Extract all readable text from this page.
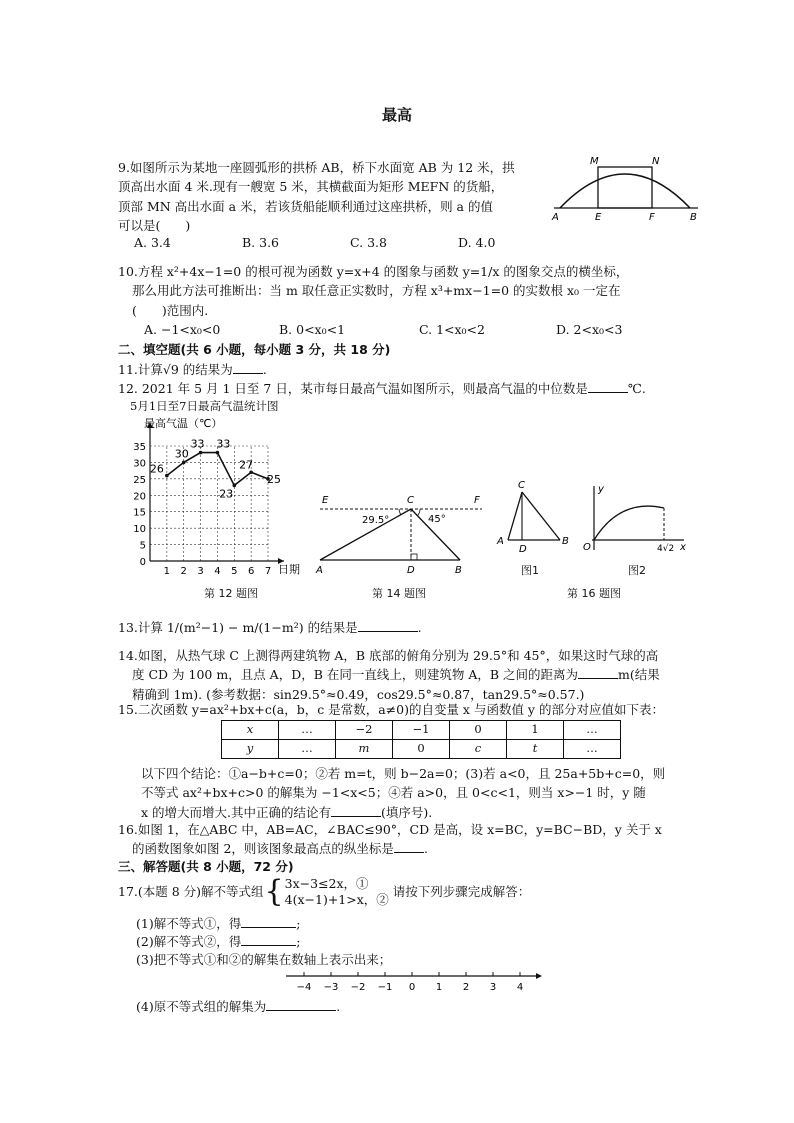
最高
9.如图所示为某地一座圆弧形的拱桥 AB，桥下水面宽 AB 为 12 米，拱
顶高出水面 4 米.现有一艘宽 5 米，其横截面为矩形 MEFN 的货船，
顶部 MN 高出水面 a 米，若该货船能顺利通过这座拱桥，则 a 的值
可以是(　　)
A. 3.4	B. 3.6	C. 3.8	D. 4.0
M	N
A	E	F	B
10.方程 x²+4x−1=0 的根可视为函数 y=x+4 的图象与函数 y=1/x 的图象交点的横坐标，
那么用此方法可推断出：当 m 取任意正实数时，方程 x³+mx−1=0 的实数根 x₀ 一定在
(　　)范围内.
A. −1<x₀<0	B. 0<x₀<1	C. 1<x₀<2	D. 2<x₀<3
二、填空题(共 6 小题，每小题 3 分，共 18 分)
11.计算√9 的结果为 .
12. 2021 年 5 月 1 日至 7 日，某市每日最高气温如图所示，则最高气温的中位数是	℃.
5月1日至7日最高气温统计图
0
5
10
15
20
25
30
35
1 2 3 4 5 6 7
26
30
33 33
23
27
25
最高气温（℃）
日期
E	C	F
29.5°	45°
A	D	B
C
A
D
B
y
O	x
4√2
第 12 题图	第 14 题图
图1	图2
第 16 题图
13.计算 1/(m²−1) − m/(1−m²) 的结果是	.
14.如图，从热气球 C 上测得两建筑物 A，B 底部的俯角分别为 29.5°和 45°，如果这时气球的高
度 CD 为 100 m，且点 A，D，B 在同一直线上，则建筑物 A，B 之间的距离为	m(结果
精确到 1m). (参考数据：sin29.5°≈0.49，cos29.5°≈0.87，tan29.5°≈0.57.)
15.二次函数 y=ax²+bx+c(a，b，c 是常数，a≠0)的自变量 x 与函数值 y 的部分对应值如下表：
x	…	−2	−1	0	1	…
y	…	m	0	c	t	…
以下四个结论：①a−b+c=0；②若 m=t，则 b−2a=0；(3)若 a<0，且 25a+5b+c=0，则
不等式 ax²+bx+c>0 的解集为 −1<x<5；④若 a>0，且 0<c<1，则当 x>−1 时，y 随
x 的增大而增大.其中正确的结论有	(填序号).
16.如图 1，在△ABC 中，AB=AC，∠BAC≤90°，CD 是高，设 x=BC，y=BC−BD，y 关于 x
的函数图象如图 2，则该图象最高点的纵坐标是 .
三、解答题(共 8 小题，72 分)
17.(本题 8 分)解不等式组 { 3x−3≤2x，①
4(x−1)+1>x，②
请按下列步骤完成解答：
(1)解不等式①，得	;
(2)解不等式②，得	;
(3)把不等式①和②的解集在数轴上表示出来；
−4 −3 −2 −1 0 1 2 3 4
(4)原不等式组的解集为	.
